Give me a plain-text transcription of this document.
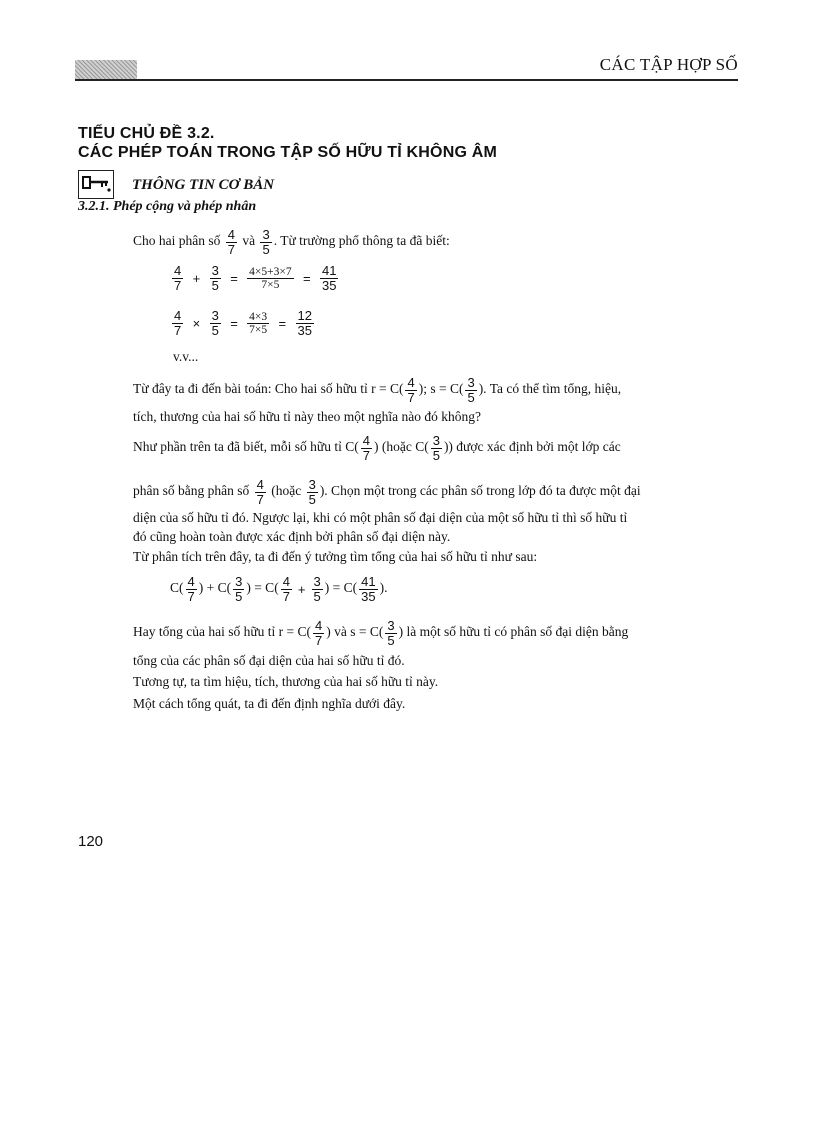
CÁC TẬP HỢP SỐ
TIỂU CHỦ ĐỀ 3.2.
CÁC PHÉP TOÁN TRONG TẬP SỐ HỮU TỈ KHÔNG ÂM
THÔNG TIN CƠ BẢN
3.2.1. Phép cộng và phép nhân
Cho hai phân số $\frac{4}{7}$ và $\frac{3}{5}$ . Từ trường phổ thông ta đã biết:
$\frac{4}{7} + \frac{3}{5} = \frac{4\times 5+3\times 7}{7\times 5} = \frac{41}{35}$
$\frac{4}{7} \times \frac{3}{5} = \frac{4\times 3}{7\times 5} = \frac{12}{35}$
v.v...
Từ đây ta đi đến bài toán: Cho hai số hữu tỉ $r = C( \frac{4}{7}$ ); $s = C( \frac{3}{5}$ ). Ta có thể tìm tổng, hiệu,
tích, thương của hai số hữu tỉ này theo một nghĩa nào đó không?
Như phần trên ta đã biết, mỗi số hữu tỉ $C( \frac{4}{7}$ ) (hoặc $C( \frac{3}{5}$ )) được xác định bởi một lớp các
phân số bằng phân số $\frac{4}{7}$ (hoặc $\frac{3}{5}$ ). Chọn một trong các phân số trong lớp đó ta được một đại
diện của số hữu tỉ đó. Ngược lại, khi có một phân số đại diện của một số hữu tỉ thì số hữu tỉ
đó cũng hoàn toàn được xác định bởi phân số đại diện này.
Từ phân tích trên đây, ta đi đến ý tưởng tìm tổng của hai số hữu tỉ như sau:
$C( \frac{4}{7}$ ) + $C( \frac{3}{5}$ ) = $C( \frac{4}{7} + \frac{3}{5}$ ) = $C( \frac{41}{35}$ ).
Hay tổng của hai số hữu tỉ $r = C( \frac{4}{7}$ ) và $s = C( \frac{3}{5}$ ) là một số hữu tỉ có phân số đại diện bằng
tổng của các phân số đại diện của hai số hữu tỉ đó.
Tương tự, ta tìm hiệu, tích, thương của hai số hữu tỉ này.
Một cách tổng quát, ta đi đến định nghĩa dưới đây.
120
